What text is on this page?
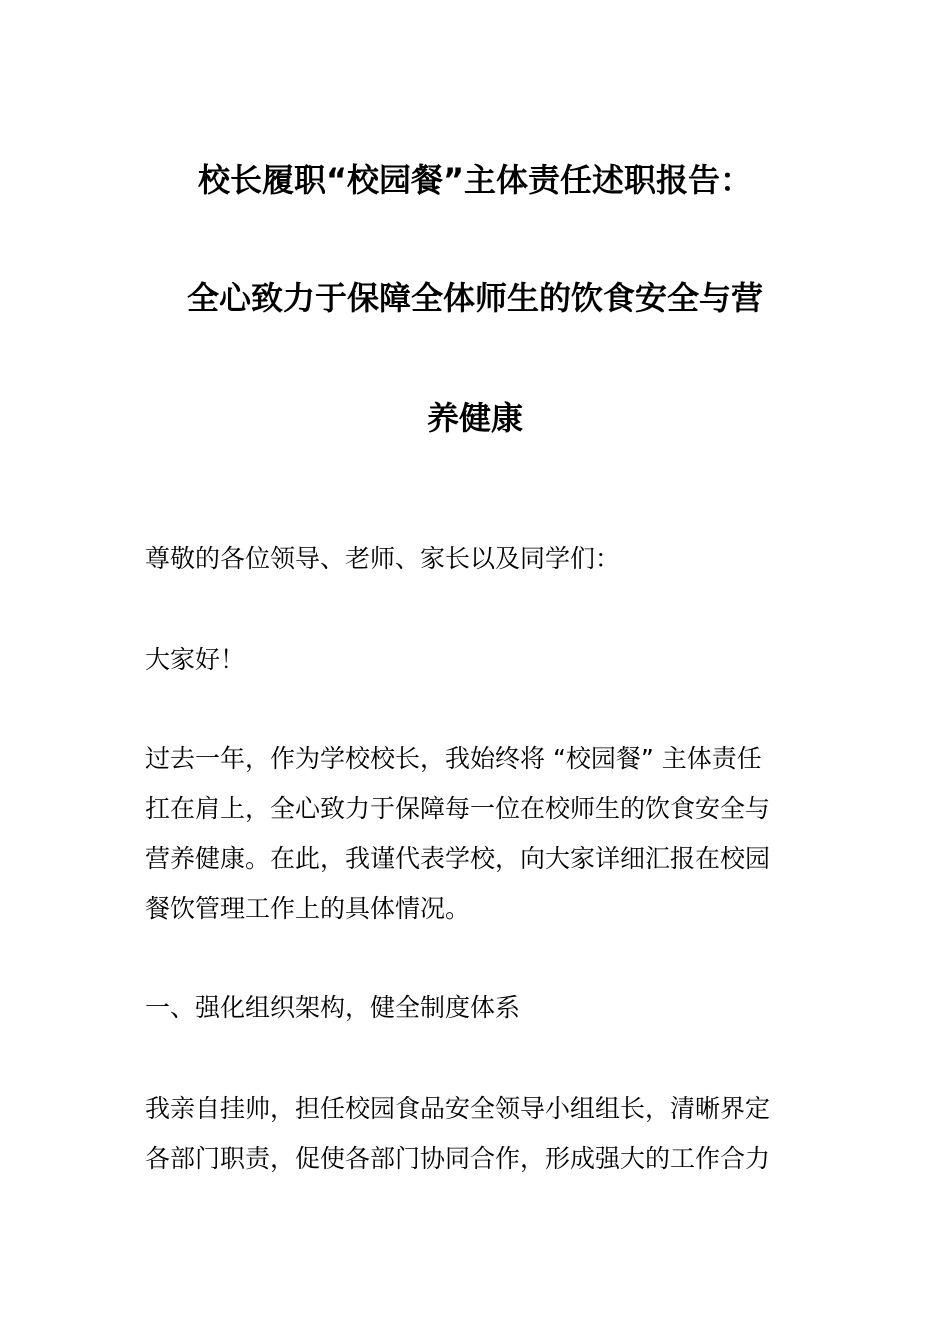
校长履职“校园餐”主体责任述职报告：
全心致力于保障全体师生的饮食安全与营
养健康

尊敬的各位领导、老师、家长以及同学们：

大家好！

过去一年，作为学校校长，我始终将 “校园餐” 主体责任
扛在肩上，全心致力于保障每一位在校师生的饮食安全与
营养健康。在此，我谨代表学校，向大家详细汇报在校园
餐饮管理工作上的具体情况。

一、强化组织架构，健全制度体系

我亲自挂帅，担任校园食品安全领导小组组长，清晰界定
各部门职责，促使各部门协同合作，形成强大的工作合力
